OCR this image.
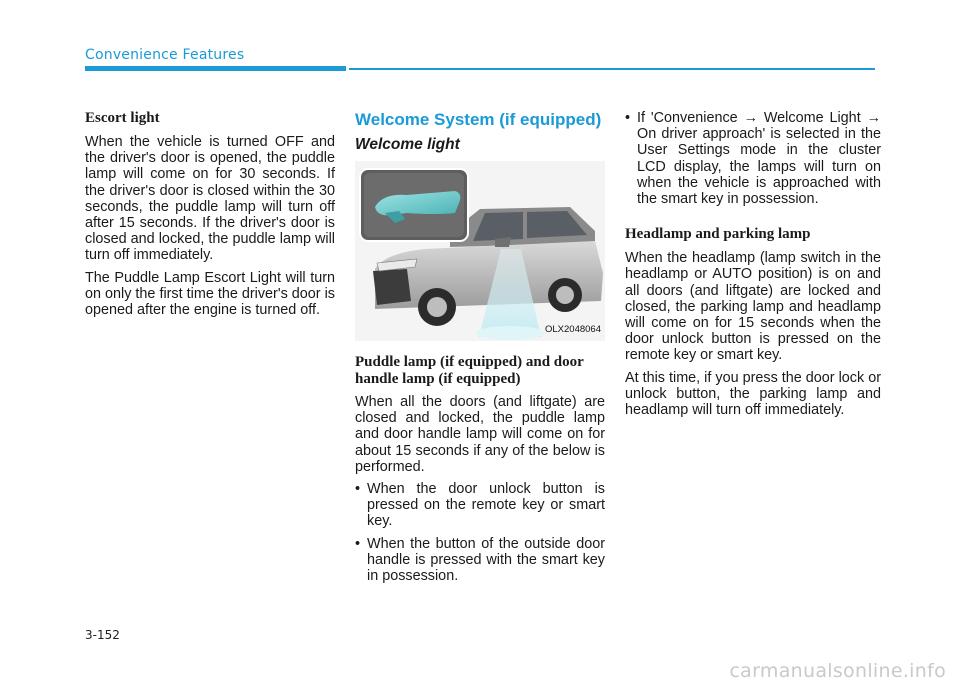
Convenience Features
Escort light

When the vehicle is turned OFF and the driver's door is opened, the puddle lamp will come on for 30 seconds. If the driver's door is closed within the 30 seconds, the puddle lamp will turn off after 15 seconds. If the driver's door is closed and locked, the puddle lamp will turn off immediately.

The Puddle Lamp Escort Light will turn on only the first time the driver's door is opened after the engine is turned off.

Welcome System (if equipped)
Welcome light
OLX2048064
Puddle lamp (if equipped) and door handle lamp (if equipped)

When all the doors (and liftgate) are closed and locked, the puddle lamp and door handle lamp will come on for about 15 seconds if any of the below is performed.

• When the door unlock button is pressed on the remote key or smart key.
• When the button of the outside door handle is pressed with the smart key in possession.
• If 'Convenience → Welcome Light → On driver approach' is selected in the User Settings mode in the cluster LCD display, the lamps will turn on when the vehicle is approached with the smart key in possession.
Headlamp and parking lamp

When the headlamp (lamp switch in the headlamp or AUTO position) is on and all doors (and liftgate) are locked and closed, the parking lamp and headlamp will come on for 15 seconds when the door unlock button is pressed on the remote key or smart key.

At this time, if you press the door lock or unlock button, the parking lamp and headlamp will turn off immediately.

3-152
carmanualsonline.info
